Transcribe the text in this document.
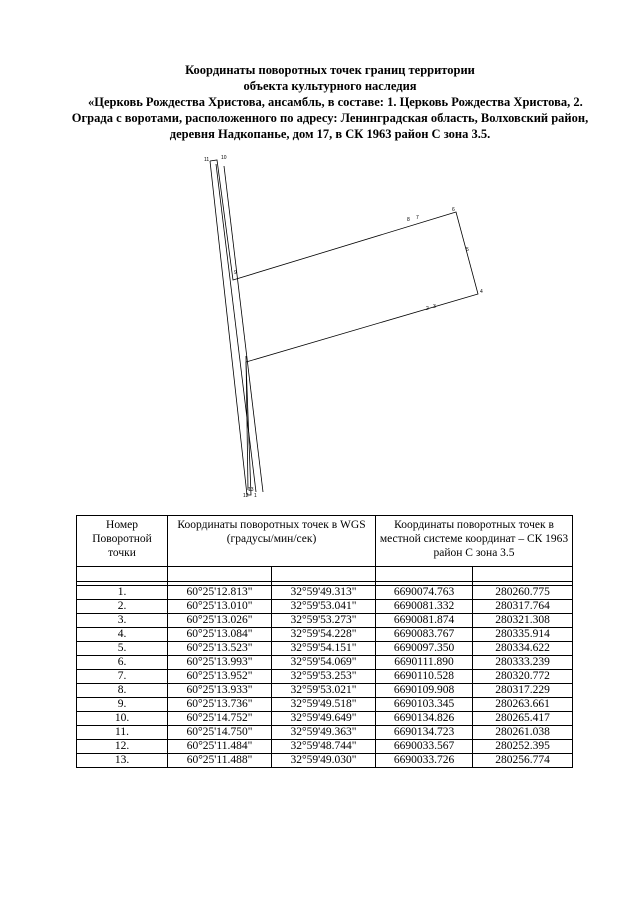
Координаты поворотных точек границ территории
объекта культурного наследия
«Церковь Рождества Христова, ансамбль, в составе: 1. Церковь Рождества Христова, 2.
Ограда с воротами, расположенного по адресу: Ленинградская область, Волховский район,
деревня Надкопанье, дом 17, в СК 1963 район С зона 3.5.
11 10
9
8 7
6
5
4
3
2
13
12 1
Номер Поворотной точки	Координаты поворотных точек в WGS (градусы/мин/сек)		Координаты поворотных точек в местной системе координат – СК 1963 район С зона 3.5	

1.	60°25'12.813"	32°59'49.313"	6690074.763	280260.775
2.	60°25'13.010"	32°59'53.041"	6690081.332	280317.764
3.	60°25'13.026"	32°59'53.273"	6690081.874	280321.308
4.	60°25'13.084"	32°59'54.228"	6690083.767	280335.914
5.	60°25'13.523"	32°59'54.151"	6690097.350	280334.622
6.	60°25'13.993"	32°59'54.069"	6690111.890	280333.239
7.	60°25'13.952"	32°59'53.253"	6690110.528	280320.772
8.	60°25'13.933"	32°59'53.021"	6690109.908	280317.229
9.	60°25'13.736"	32°59'49.518"	6690103.345	280263.661
10.	60°25'14.752"	32°59'49.649"	6690134.826	280265.417
11.	60°25'14.750"	32°59'49.363"	6690134.723	280261.038
12.	60°25'11.484"	32°59'48.744"	6690033.567	280252.395
13.	60°25'11.488"	32°59'49.030"	6690033.726	280256.774
